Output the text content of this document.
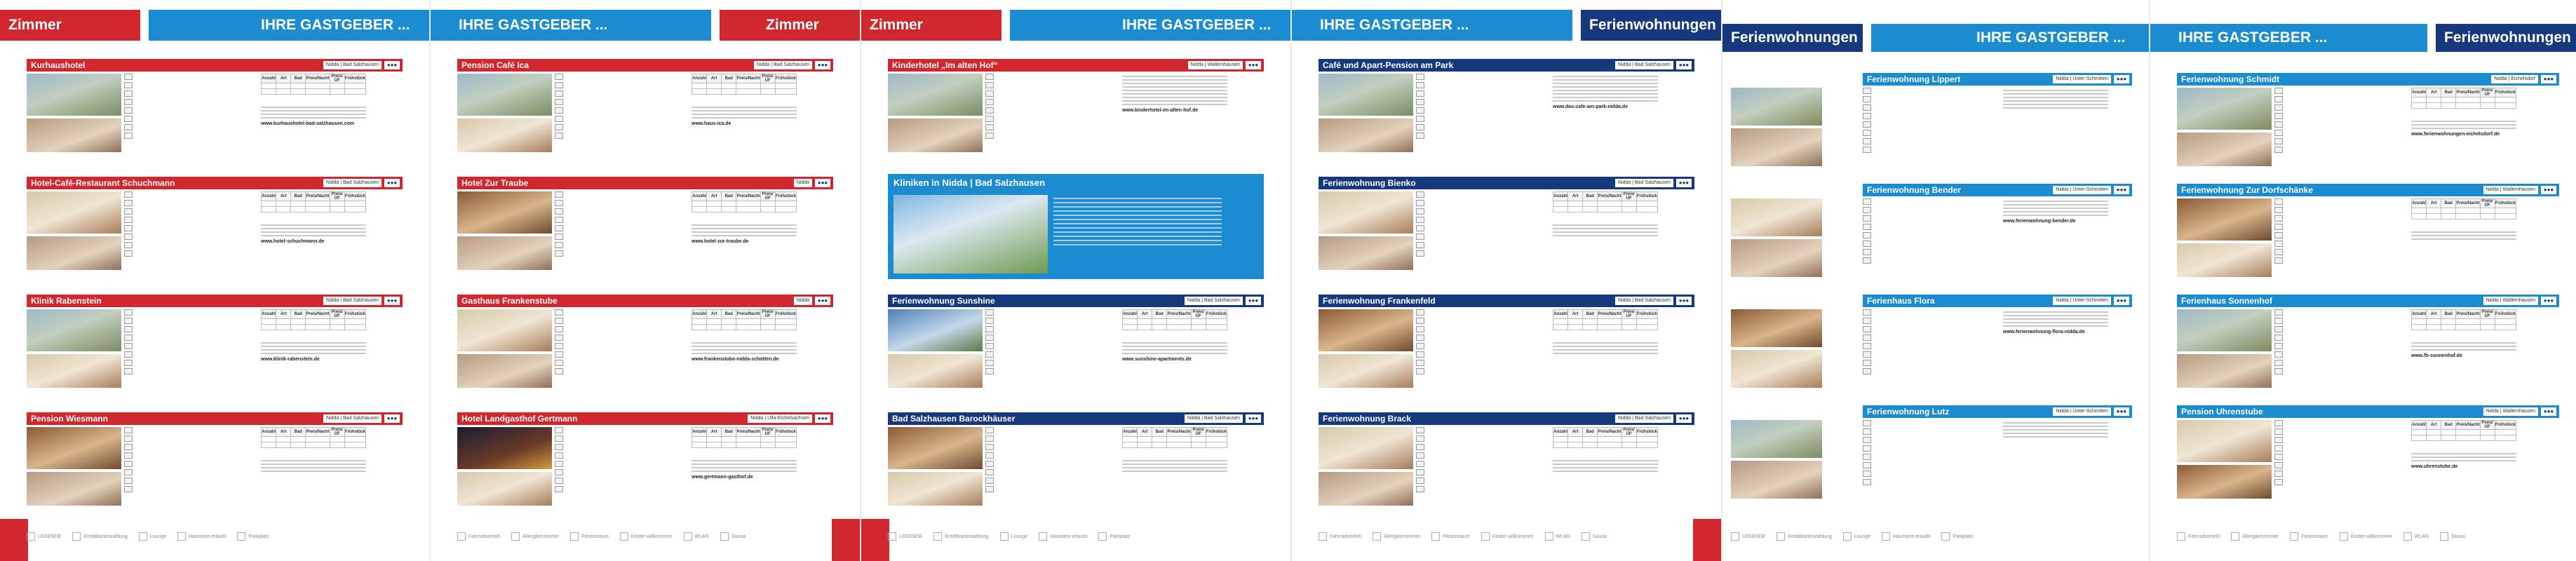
Zimmer	IHRE GASTGEBER ...
Kurhaushotel	Nidda | Bad Salzhausen	●●●
Anzahl	Art	Bad	Preis/Nacht	Preis/ÜF	Frühstück

www.kurhaushotel-bad-salzhausen.com
Hotel-Café-Restaurant Schuchmann	Nidda | Bad Salzhausen	●●●
Anzahl	Art	Bad	Preis/Nacht	Preis/ÜF	Frühstück

www.hotel-schuchmann.de
Klinik Rabenstein	Nidda | Bad Salzhausen	●●●
Anzahl	Art	Bad	Preis/Nacht	Preis/ÜF	Frühstück

www.klinik-rabenstein.de
Pension Wiesmann	Nidda | Bad Salzhausen	●●●
Anzahl	Art	Bad	Preis/Nacht	Preis/ÜF	Frühstück

LEGENDE	Kreditkartenzahlung	Lounge	Haustiere erlaubt	Parkplatz
IHRE GASTGEBER ...	Zimmer
Pension Café Ica	Nidda | Bad Salzhausen	●●●
Anzahl	Art	Bad	Preis/Nacht	Preis/ÜF	Frühstück

www.haus-ica.de
Hotel Zur Traube	Nidda	●●●
Anzahl	Art	Bad	Preis/Nacht	Preis/ÜF	Frühstück

www.hotel-zur-traube.de
Gasthaus Frankenstube	Nidda	●●●
Anzahl	Art	Bad	Preis/Nacht	Preis/ÜF	Frühstück

www.frankenstube-nidda-schotten.de
Hotel Landgasthof Gertmann	Nidda | Ulfa-Eichelsachsen	●●●
Anzahl	Art	Bad	Preis/Nacht	Preis/ÜF	Frühstück

www.gertmann-gasthof.de
Fahrradverleih	Allergikerzimmer	Fitnessraum	Kinder willkommen	WLAN	Sauna
Zimmer	IHRE GASTGEBER ...
Kinderhotel „Im alten Hof“	Nidda | Wallernhausen	●●●
www.kinderhotel-im-alten-hof.de
Kliniken in Nidda | Bad Salzhausen
Ferienwohnung Sunshine	Nidda | Bad Salzhausen	●●●
Anzahl	Art	Bad	Preis/Nacht	Preis/ÜF	Frühstück

www.sunshine-apartments.de
Bad Salzhausen Barockhäuser	Nidda | Bad Salzhausen	●●●
Anzahl	Art	Bad	Preis/Nacht	Preis/ÜF	Frühstück

LEGENDE	Kreditkartenzahlung	Lounge	Haustiere erlaubt	Parkplatz
IHRE GASTGEBER ...	Ferienwohnungen
Café und Apart-Pension am Park	Nidda | Bad Salzhausen	●●●
www.das-cafe-am-park-nidda.de
Ferienwohnung Bienko	Nidda | Bad Salzhausen	●●●
Anzahl	Art	Bad	Preis/Nacht	Preis/ÜF	Frühstück

Ferienwohnung Frankenfeld	Nidda | Bad Salzhausen	●●●
Anzahl	Art	Bad	Preis/Nacht	Preis/ÜF	Frühstück

Ferienwohnung Brack	Nidda | Bad Salzhausen	●●●
Anzahl	Art	Bad	Preis/Nacht	Preis/ÜF	Frühstück

Fahrradverleih	Allergikerzimmer	Fitnessraum	Kinder willkommen	WLAN	Sauna
Ferienwohnungen	IHRE GASTGEBER ...
Ferienwohnung Lippert	Nidda | Unter-Schmitten	●●●
Ferienwohnung Bender	Nidda | Unter-Schmitten	●●●
www.ferienwohnung-bender.de
Ferienhaus Flora	Nidda | Unter-Schmitten	●●●
www.ferienwohnung-flora-nidda.de
Ferienwohnung Lutz	Nidda | Unter-Schmitten	●●●
LEGENDE	Kreditkartenzahlung	Lounge	Haustiere erlaubt	Parkplatz
IHRE GASTGEBER ...	Ferienwohnungen
Ferienwohnung Schmidt	Nidda | Eichelsdorf	●●●
Anzahl	Art	Bad	Preis/Nacht	Preis/ÜF	Frühstück

www.ferienwohnungen-eichelsdorf.de
Ferienwohnung Zur Dorfschänke	Nidda | Wallernhausen	●●●
Anzahl	Art	Bad	Preis/Nacht	Preis/ÜF	Frühstück

Ferienhaus Sonnenhof	Nidda | Wallernhausen	●●●
Anzahl	Art	Bad	Preis/Nacht	Preis/ÜF	Frühstück

www.fh-sonnenhof.de
Pension Uhrenstube	Nidda | Wallernhausen	●●●
Anzahl	Art	Bad	Preis/Nacht	Preis/ÜF	Frühstück

www.uhrenstube.de
Fahrradverleih	Allergikerzimmer	Fitnessraum	Kinder willkommen	WLAN	Sauna
